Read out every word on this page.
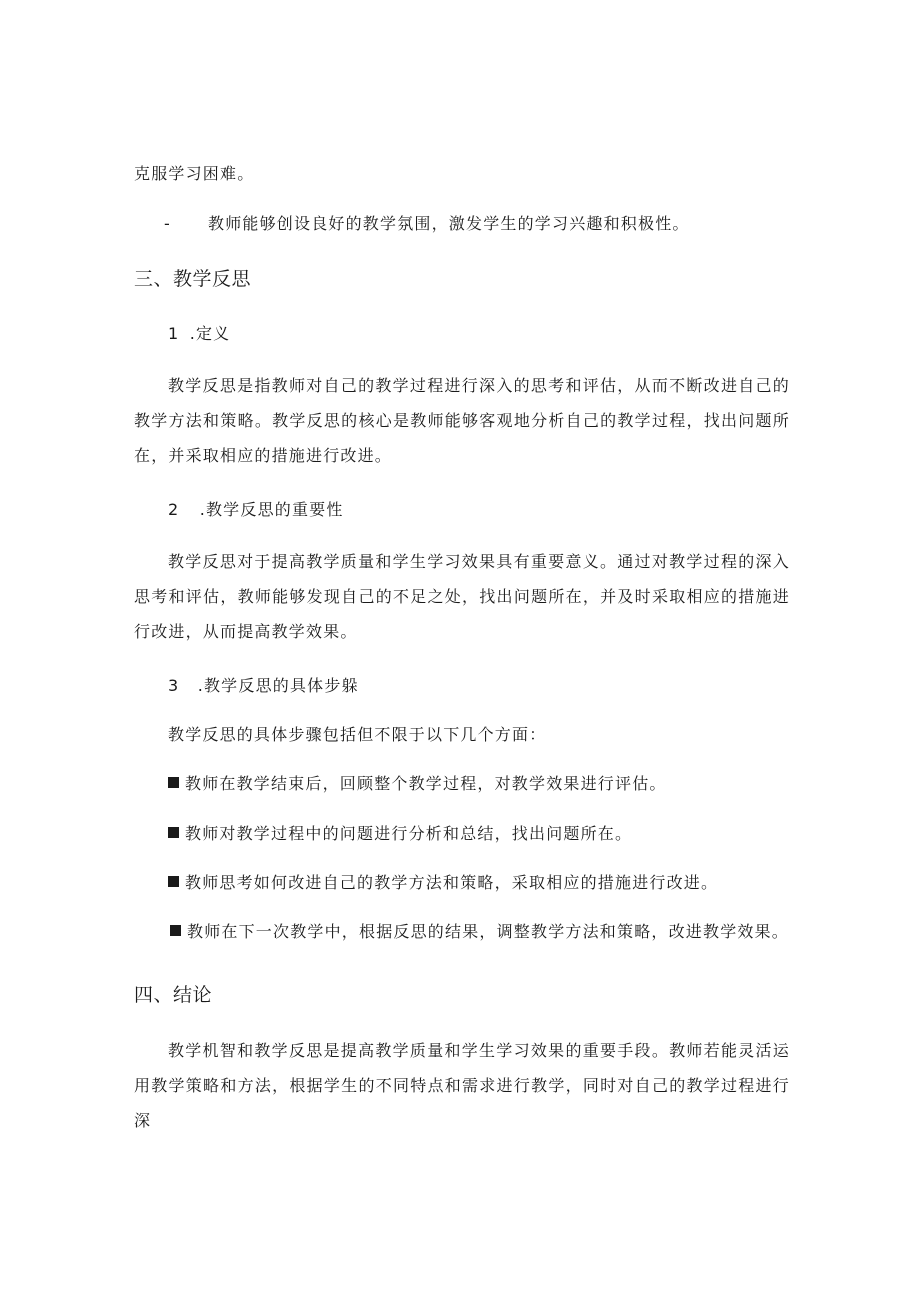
克服学习困难。
- 教师能够创设良好的教学氛围，激发学生的学习兴趣和积极性。
三、教学反思
1 .定义

教学反思是指教师对自己的教学过程进行深入的思考和评估，从而不断改进自己的教学方法和策略。教学反思的核心是教师能够客观地分析自己的教学过程，找出问题所在，并采取相应的措施进行改进。

2 .教学反思的重要性

教学反思对于提高教学质量和学生学习效果具有重要意义。通过对教学过程的深入思考和评估，教师能够发现自己的不足之处，找出问题所在，并及时采取相应的措施进行改进，从而提高教学效果。

3 .教学反思的具体步躲
教学反思的具体步骤包括但不限于以下几个方面：
教师在教学结束后，回顾整个教学过程，对教学效果进行评估。
教师对教学过程中的问题进行分析和总结，找出问题所在。
教师思考如何改进自己的教学方法和策略，采取相应的措施进行改进。
教师在下一次教学中，根据反思的结果，调整教学方法和策略，改进教学效果。
四、结论

教学机智和教学反思是提高教学质量和学生学习效果的重要手段。教师若能灵活运用教学策略和方法，根据学生的不同特点和需求进行教学，同时对自己的教学过程进行深
